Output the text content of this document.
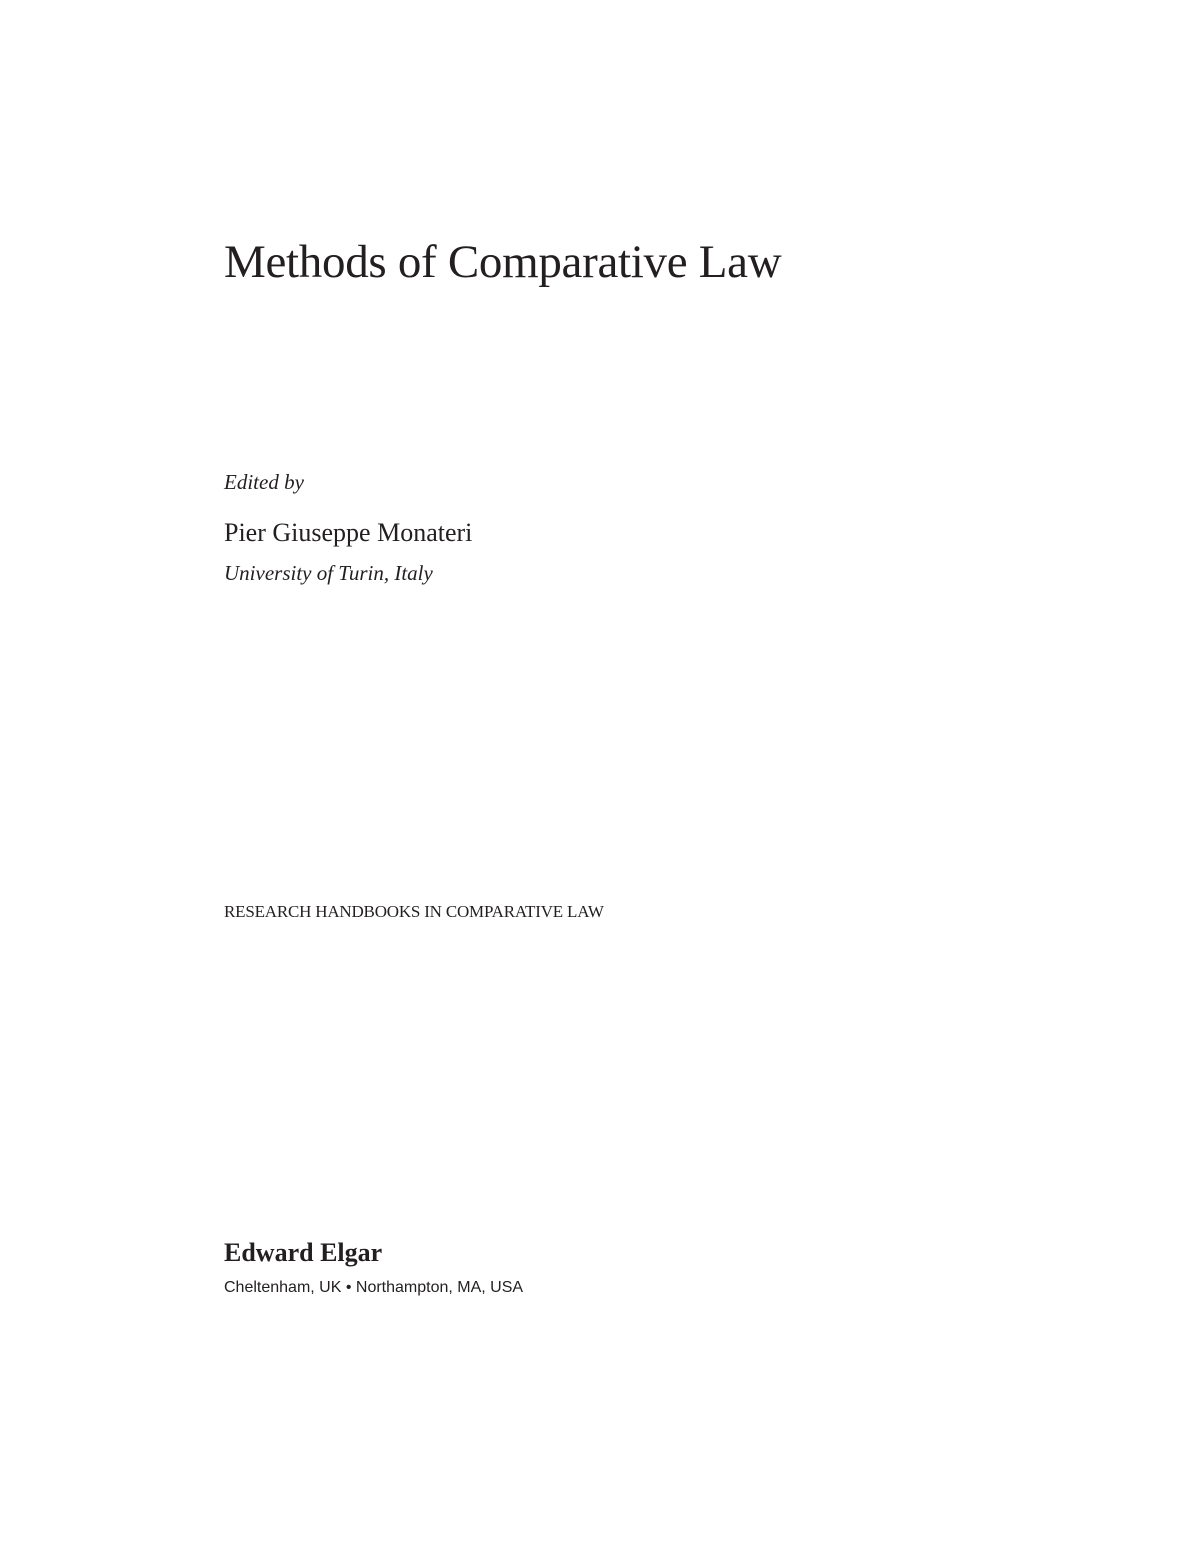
Methods of Comparative Law
Edited by
Pier Giuseppe Monateri
University of Turin, Italy
RESEARCH HANDBOOKS IN COMPARATIVE LAW
Edward Elgar
Cheltenham, UK • Northampton, MA, USA
